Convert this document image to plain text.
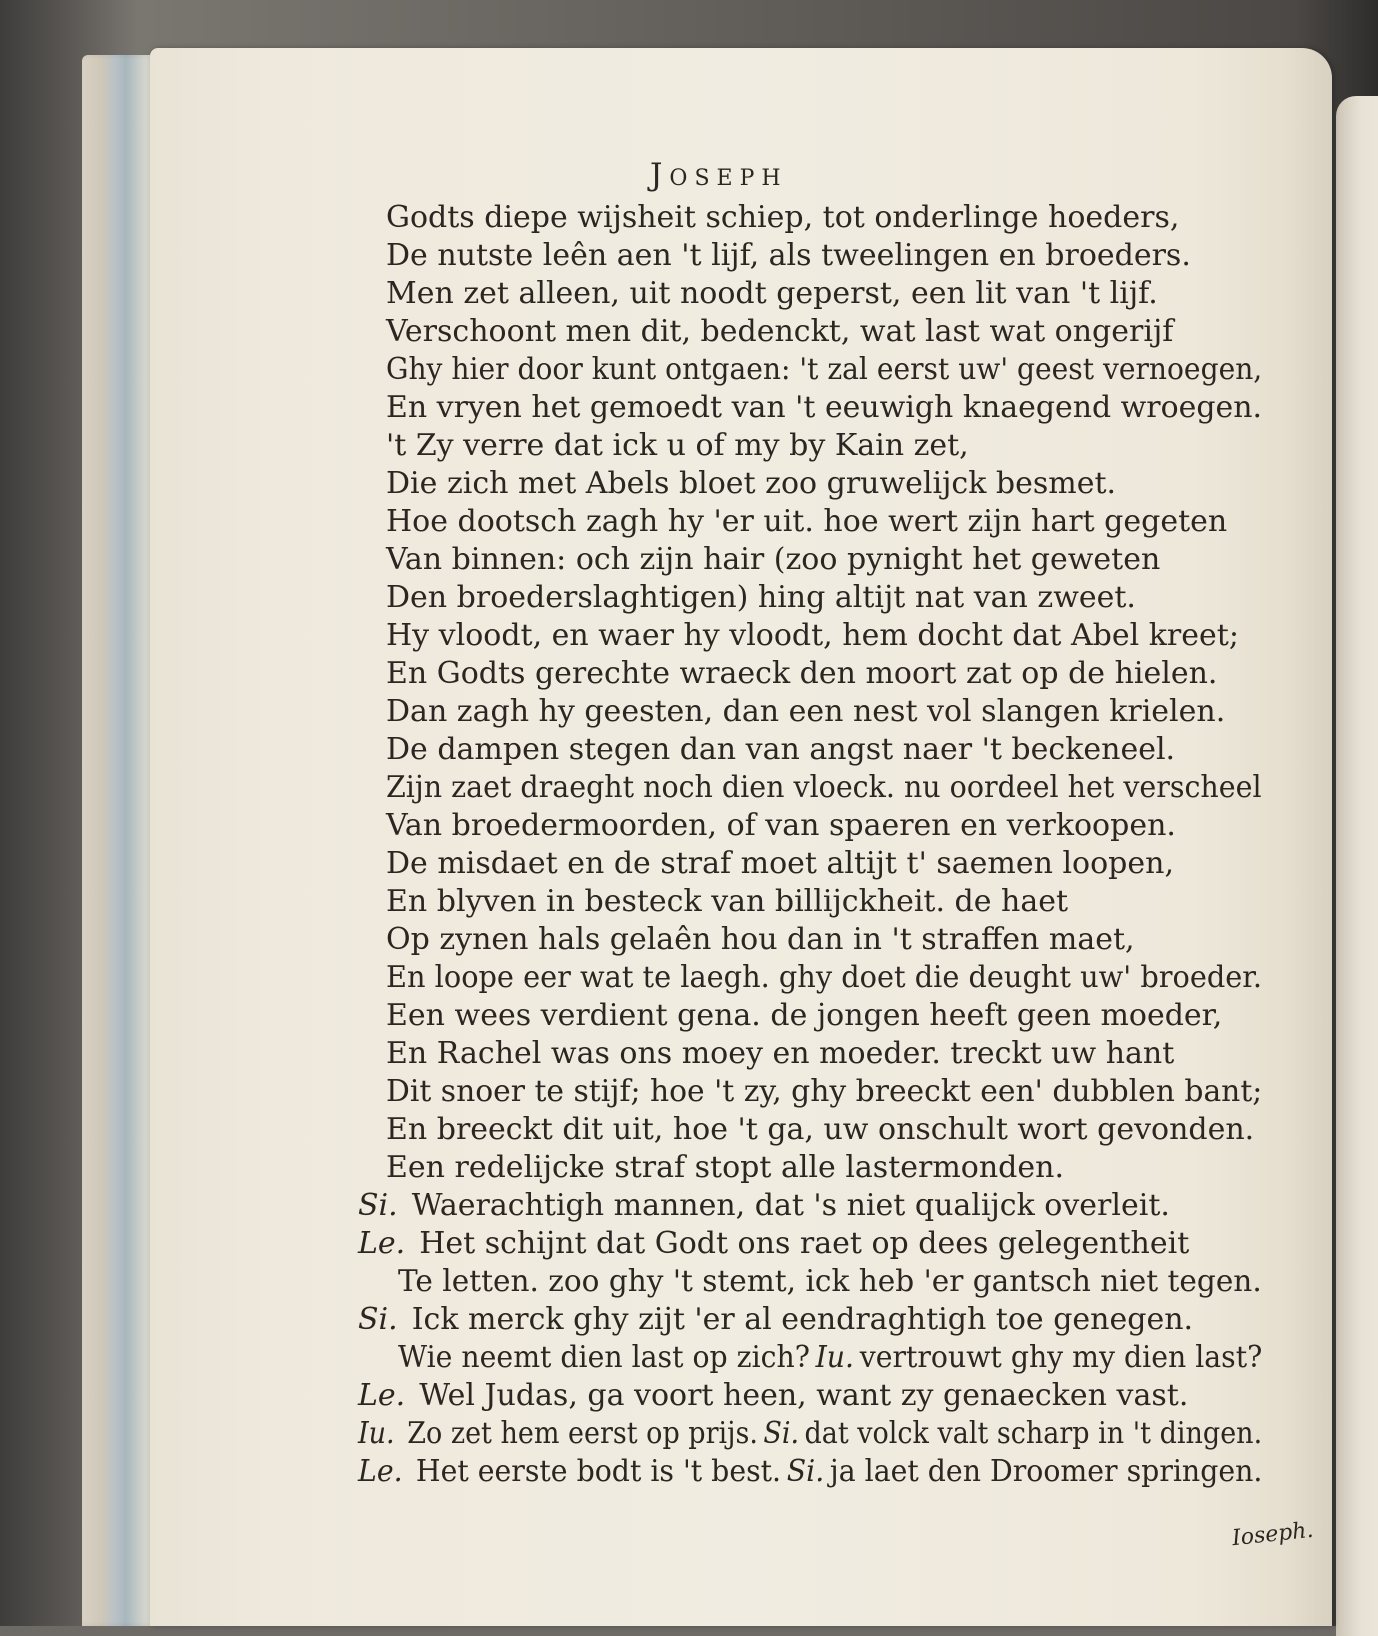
Joseph
Godts diepe wijsheit schiep, tot onderlinge hoeders,
De nutste leên aen 't lijf, als tweelingen en broeders.
Men zet alleen, uit noodt geperst, een lit van 't lijf.
Verschoont men dit, bedenckt, wat last wat ongerijf
Ghy hier door kunt ontgaen: 't zal eerst uw' geest vernoegen,
En vryen het gemoedt van 't eeuwigh knaegend wroegen.
't Zy verre dat ick u of my by Kain zet,
Die zich met Abels bloet zoo gruwelijck besmet.
Hoe dootsch zagh hy 'er uit. hoe wert zijn hart gegeten
Van binnen: och zijn hair (zoo pynight het geweten
Den broederslaghtigen) hing altijt nat van zweet.
Hy vloodt, en waer hy vloodt, hem docht dat Abel kreet;
En Godts gerechte wraeck den moort zat op de hielen.
Dan zagh hy geesten, dan een nest vol slangen krielen.
De dampen stegen dan van angst naer 't beckeneel.
Zijn zaet draeght noch dien vloeck. nu oordeel het verscheel
Van broedermoorden, of van spaeren en verkoopen.
De misdaet en de straf moet altijt t' saemen loopen,
En blyven in besteck van billijckheit. de haet
Op zynen hals gelaên hou dan in 't straffen maet,
En loope eer wat te laegh. ghy doet die deught uw' broeder.
Een wees verdient gena. de jongen heeft geen moeder,
En Rachel was ons moey en moeder. treckt uw hant
Dit snoer te stijf; hoe 't zy, ghy breeckt een' dubblen bant;
En breeckt dit uit, hoe 't ga, uw onschult wort gevonden.
Een redelijcke straf stopt alle lastermonden.
Si. Waerachtigh mannen, dat 's niet qualijck overleit.
Le. Het schijnt dat Godt ons raet op dees gelegentheit
Te letten. zoo ghy 't stemt, ick heb 'er gantsch niet tegen.
Si. Ick merck ghy zijt 'er al eendraghtigh toe genegen.
Wie neemt dien last op zich? Iu. vertrouwt ghy my dien last?
Le. Wel Judas, ga voort heen, want zy genaecken vast.
Iu. Zo zet hem eerst op prijs. Si. dat volck valt scharp in 't dingen.
Le. Het eerste bodt is 't best. Si. ja laet den Droomer springen.
Ioseph.
